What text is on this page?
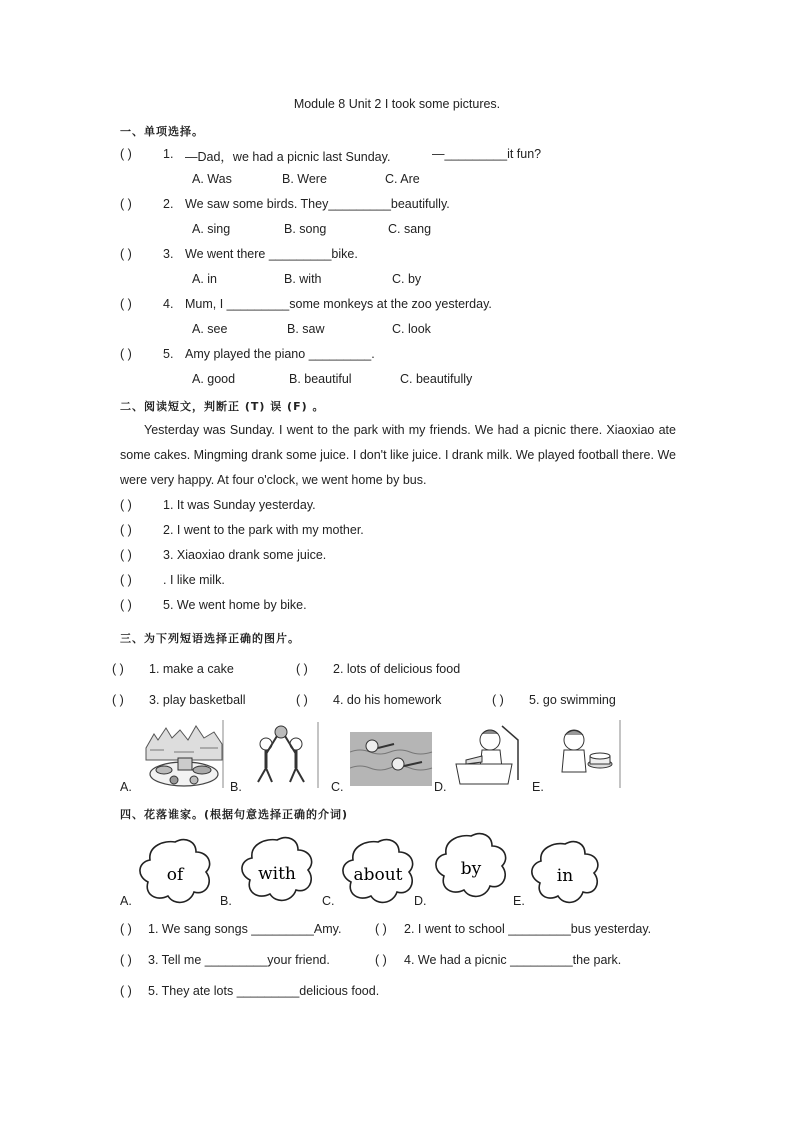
Module 8 Unit 2 I took some pictures.
一、单项选择。
( ) 1. —Dad，we had a picnic last Sunday.	—_________it fun?
A. Was	B. Were	C. Are
( ) 2. We saw some birds. They_________beautifully.
A. sing	B. song	C. sang
( ) 3. We went there _________bike.
A. in	B. with	C. by
( ) 4. Mum, I _________some monkeys at the zoo yesterday.
A. see	B. saw	C. look
( ) 5. Amy played the piano _________.
A. good	B. beautiful	C. beautifully
二、阅读短文，判断正 (T) 误 (F) 。
Yesterday was Sunday. I went to the park with my friends. We had a picnic there. Xiaoxiao ate some cakes. Mingming drank some juice. I don't like juice. I drank milk. We played football there. We were very happy. At four o'clock, we went home by bus.
( ) 1. It was Sunday yesterday.
( ) 2. I went to the park with my mother.
( ) 3. Xiaoxiao drank some juice.
( ) . I like milk.
( ) 5. We went home by bike.
三、为下列短语选择正确的图片。
( ) 1. make a cake	( ) 2. lots of delicious food
( ) 3. play basketball	( ) 4. do his homework	( ) 5. go swimming
A.	B.	C.	D.	E.
四、花落谁家。(根据句意选择正确的介词)
of
A.
with
B.
about
C.
by
D.
in
E.
( ) 1. We sang songs _________Amy.	( ) 2. I went to school _________bus yesterday.
( ) 3. Tell me _________your friend.	( ) 4. We had a picnic _________the park.
( ) 5. They ate lots _________delicious food.
